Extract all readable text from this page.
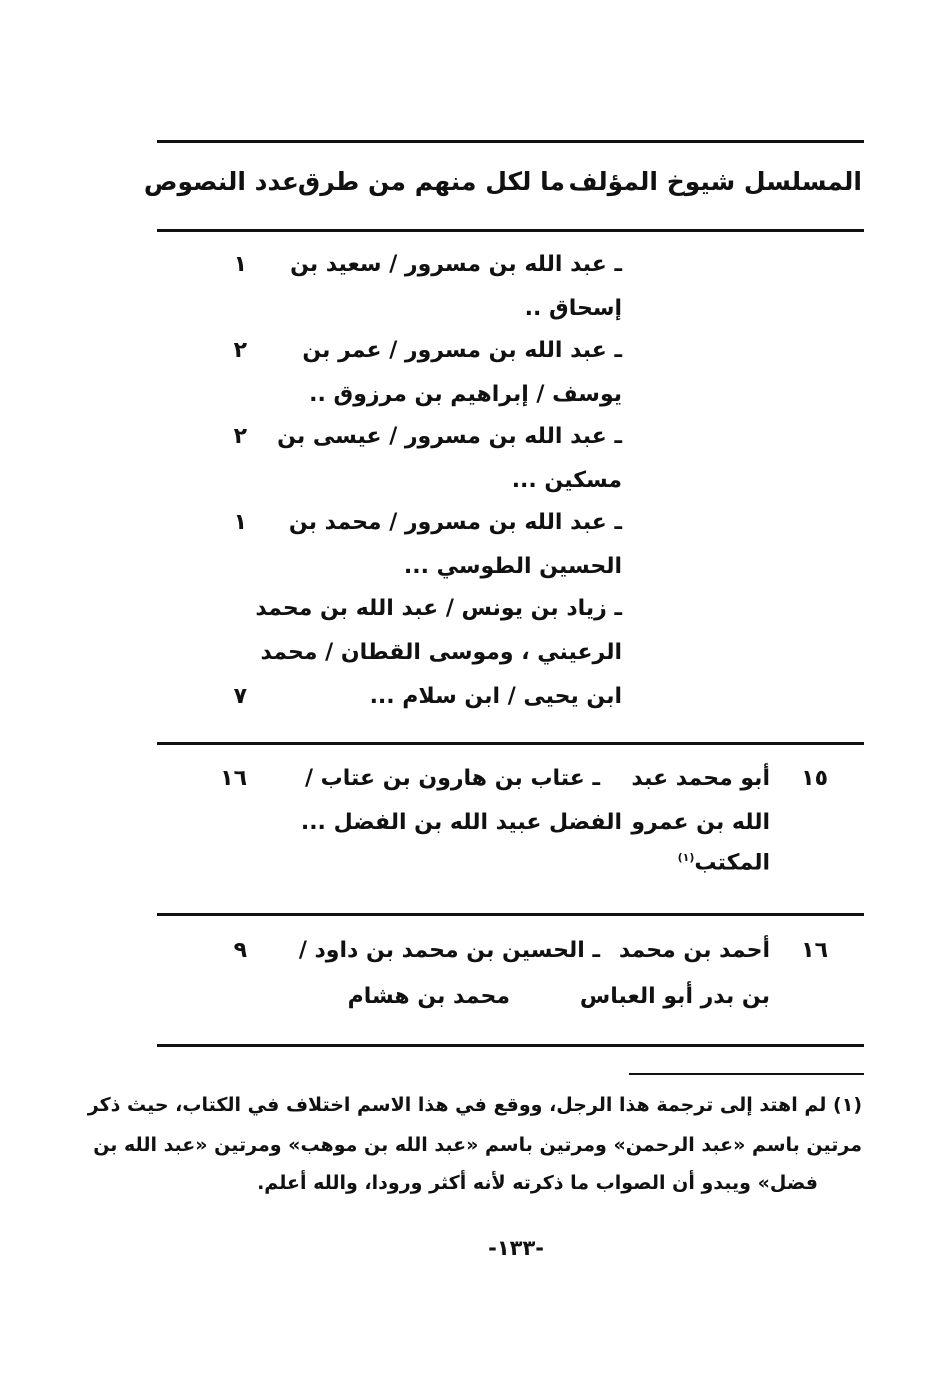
المسلسل شيوخ المؤلف
ما لكل منهم من طرق
عدد النصوص
ـ عبد الله بن مسرور / سعيد بن
إسحاق ..
١
ـ عبد الله بن مسرور / عمر بن
يوسف / إبراهيم بن مرزوق ..
٢
ـ عبد الله بن مسرور / عيسى بن
مسكين ...
٢
ـ عبد الله بن مسرور / محمد بن
الحسين الطوسي ...
١
ـ زياد بن يونس / عبد الله بن محمد
الرعيني ، وموسى القطان / محمد
ابن يحيى / ابن سلام ...
٧
١٥
أبو محمد عبد
الله بن عمرو
المكتب$^{(١)}$
ـ عتاب بن هارون بن عتاب /
الفضل عبيد الله بن الفضل ...
١٦
١٦
أحمد بن محمد
بن بدر أبو العباس
ـ الحسين بن محمد بن داود /
محمد بن هشام
٩
(١) لم اهتد إلى ترجمة هذا الرجل، ووقع في هذا الاسم اختلاف في الكتاب، حيث ذكر
مرتين باسم «عبد الرحمن» ومرتين باسم «عبد الله بن موهب» ومرتين «عبد الله بن
فضل» ويبدو أن الصواب ما ذكرته لأنه أكثر ورودا، والله أعلم.
-١٣٣-
